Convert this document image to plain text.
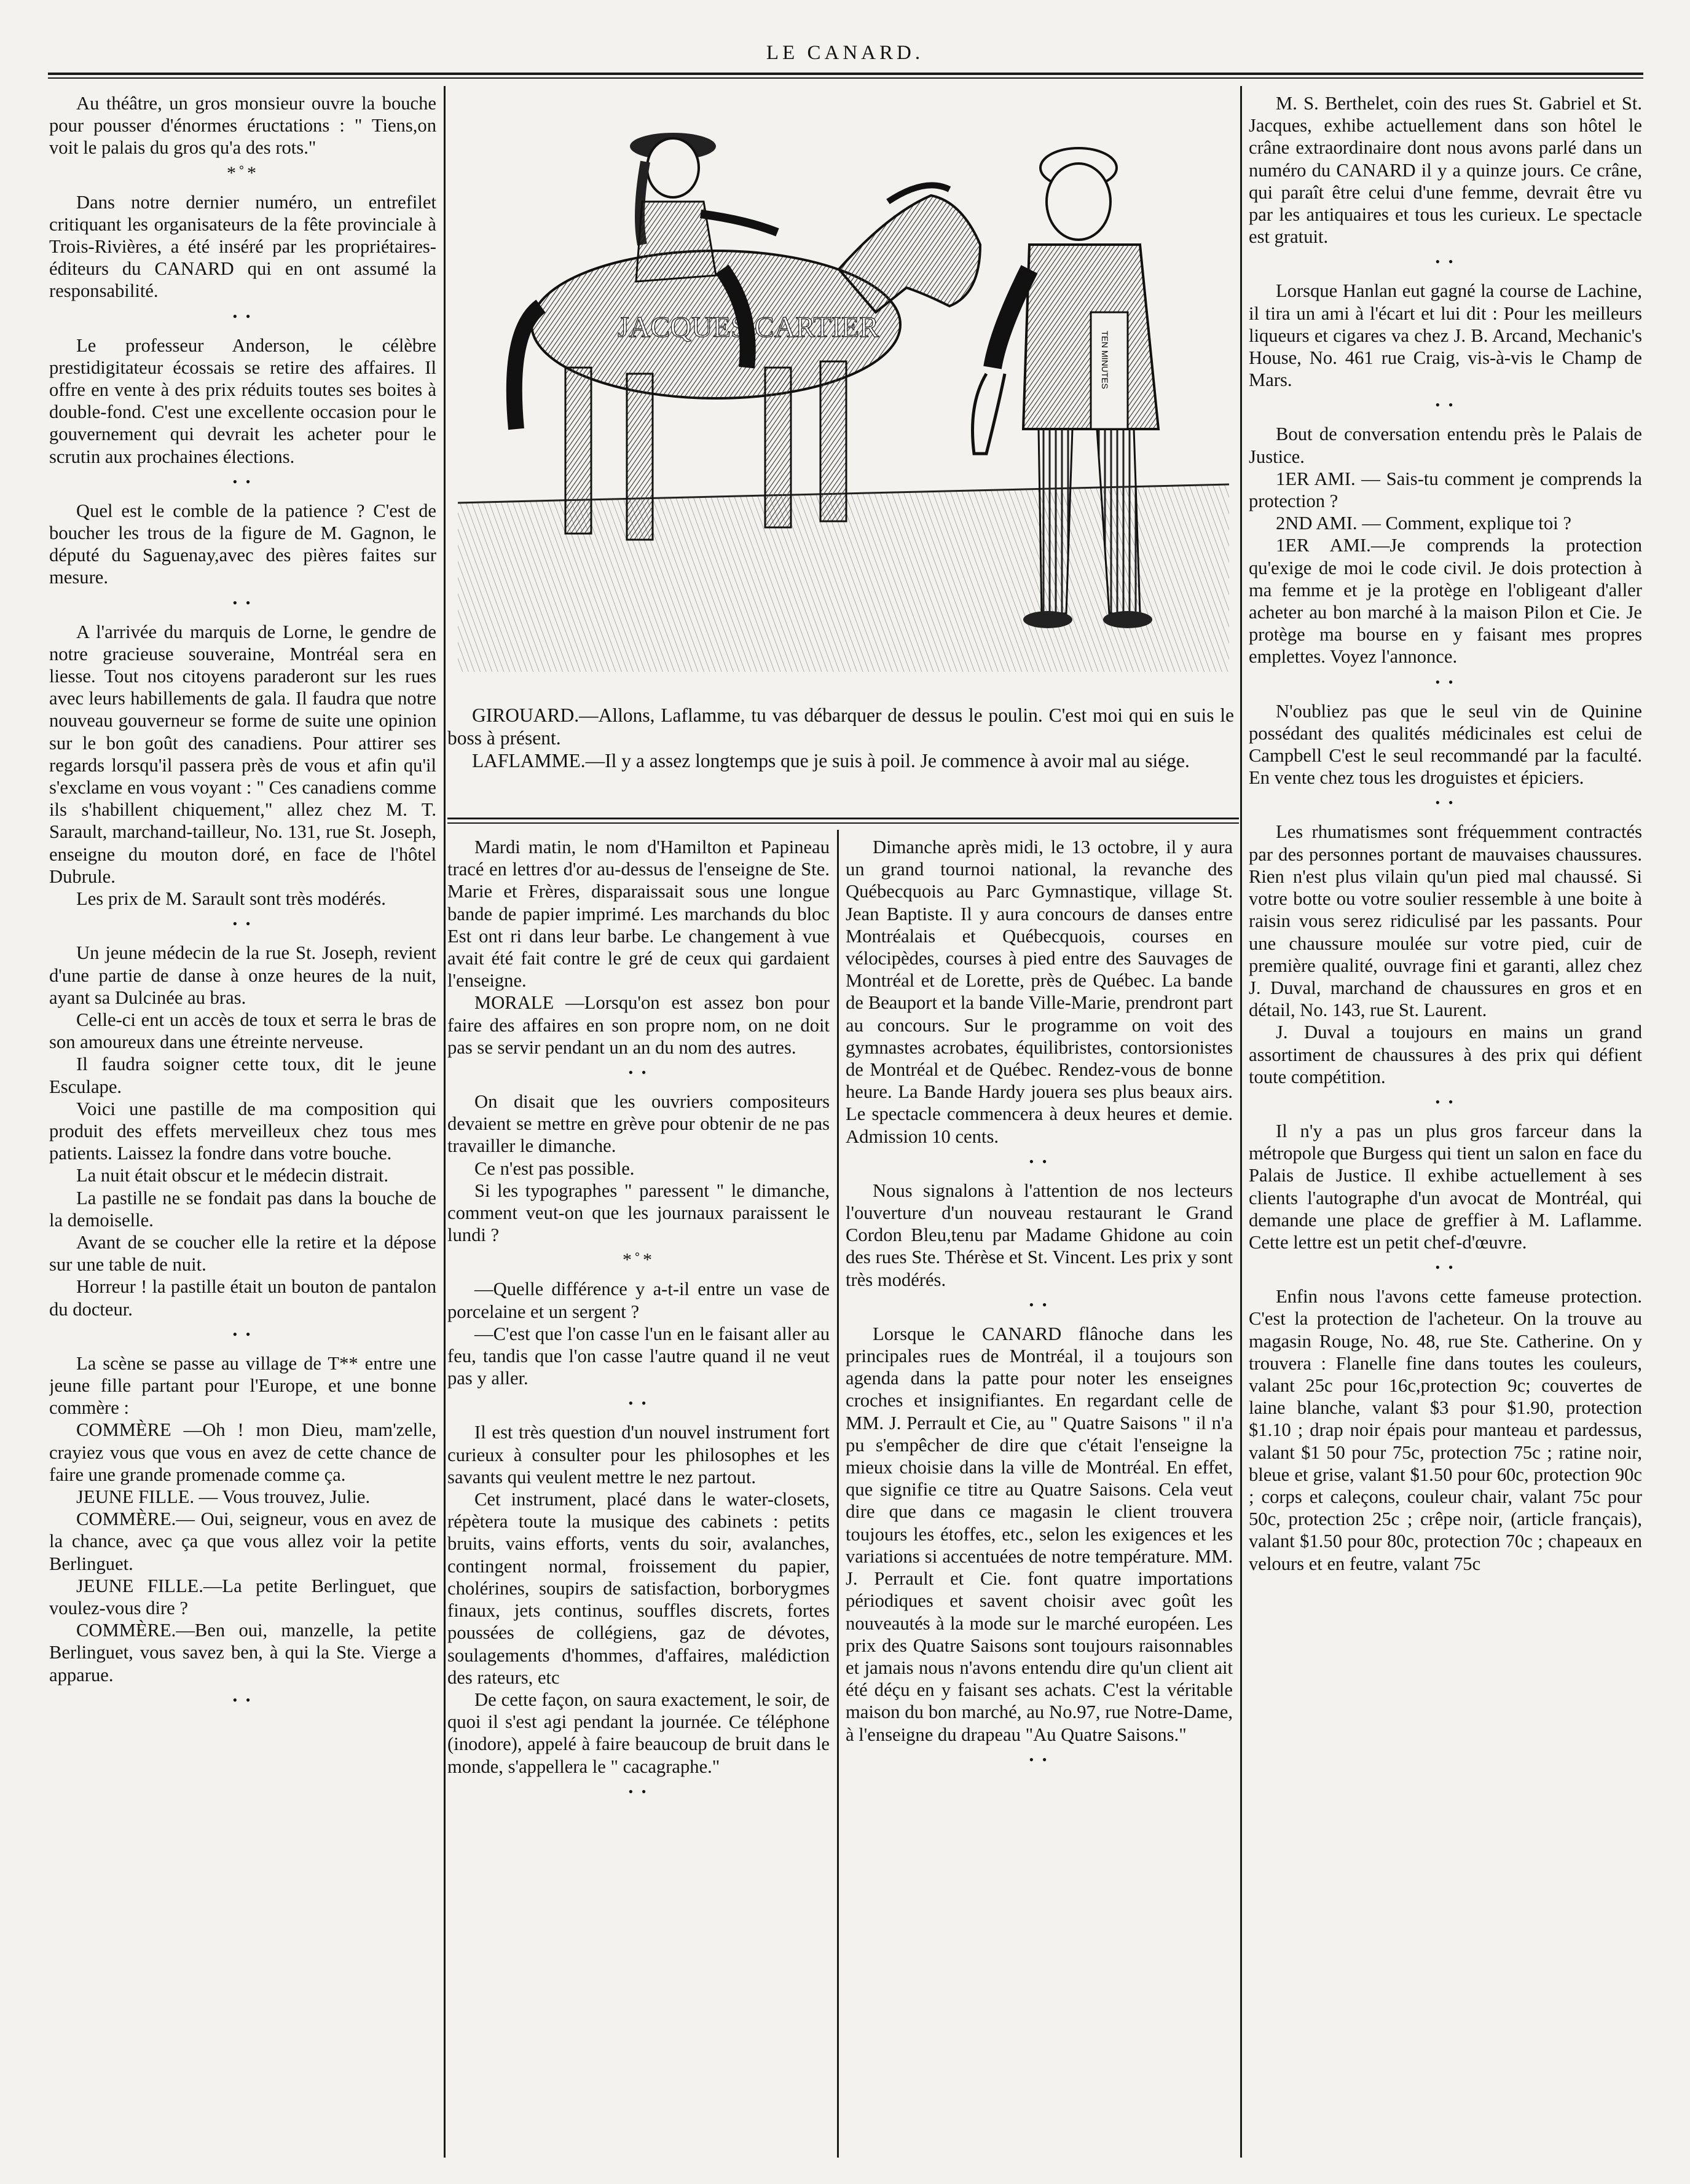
LE CANARD.
JACQUES CARTIER
TEN MINUTES

GIROUARD.—Allons, Laflamme, tu vas débarquer de dessus le poulin. C'est moi qui en suis le boss à présent.

LAFLAMME.—Il y a assez longtemps que je suis à poil. Je commence à avoir mal au siége.

Au théâtre, un gros monsieur ouvre la bouche pour pousser d'énormes éructations : " Tiens,on voit le palais du gros qu'a des rots."

*˚*

Dans notre dernier numéro, un entrefilet critiquant les organisateurs de la fête provinciale à Trois-Rivières, a été inséré par les propriétaires-éditeurs du CANARD qui en ont assumé la responsabilité.

• •

Le professeur Anderson, le célèbre prestidigitateur écossais se retire des affaires. Il offre en vente à des prix réduits toutes ses boites à double-fond. C'est une excellente occasion pour le gouvernement qui devrait les acheter pour le scrutin aux prochaines élections.

• •

Quel est le comble de la patience ? C'est de boucher les trous de la figure de M. Gagnon, le député du Saguenay,avec des pières faites sur mesure.

• •

A l'arrivée du marquis de Lorne, le gendre de notre gracieuse souveraine, Montréal sera en liesse. Tout nos citoyens paraderont sur les rues avec leurs habillements de gala. Il faudra que notre nouveau gouverneur se forme de suite une opinion sur le bon goût des canadiens. Pour attirer ses regards lorsqu'il passera près de vous et afin qu'il s'exclame en vous voyant : " Ces canadiens comme ils s'habillent chiquement," allez chez M. T. Sarault, marchand-tailleur, No. 131, rue St. Joseph, enseigne du mouton doré, en face de l'hôtel Dubrule.

Les prix de M. Sarault sont très modérés.

• •

Un jeune médecin de la rue St. Joseph, revient d'une partie de danse à onze heures de la nuit, ayant sa Dulcinée au bras.

Celle-ci ent un accès de toux et serra le bras de son amoureux dans une étreinte nerveuse.

Il faudra soigner cette toux, dit le jeune Esculape.

Voici une pastille de ma composition qui produit des effets merveilleux chez tous mes patients. Laissez la fondre dans votre bouche.

La nuit était obscur et le médecin distrait.

La pastille ne se fondait pas dans la bouche de la demoiselle.

Avant de se coucher elle la retire et la dépose sur une table de nuit.

Horreur ! la pastille était un bouton de pantalon du docteur.

• •

La scène se passe au village de T** entre une jeune fille partant pour l'Europe, et une bonne commère :

COMMÈRE —Oh ! mon Dieu, mam'zelle, crayiez vous que vous en avez de cette chance de faire une grande promenade comme ça.

JEUNE FILLE. — Vous trouvez, Julie.

COMMÈRE.— Oui, seigneur, vous en avez de la chance, avec ça que vous allez voir la petite Berlinguet.

JEUNE FILLE.—La petite Berlinguet, que voulez-vous dire ?

COMMÈRE.—Ben oui, manzelle, la petite Berlinguet, vous savez ben, à qui la Ste. Vierge a apparue.

• •

Mardi matin, le nom d'Hamilton et Papineau tracé en lettres d'or au-dessus de l'enseigne de Ste. Marie et Frères, disparaissait sous une longue bande de papier imprimé. Les marchands du bloc Est ont ri dans leur barbe. Le changement à vue avait été fait contre le gré de ceux qui gardaient l'enseigne.

MORALE —Lorsqu'on est assez bon pour faire des affaires en son propre nom, on ne doit pas se servir pendant un an du nom des autres.

• •

On disait que les ouvriers compositeurs devaient se mettre en grève pour obtenir de ne pas travailler le dimanche.

Ce n'est pas possible.

Si les typographes " paressent " le dimanche, comment veut-on que les journaux paraissent le lundi ?

*˚*

—Quelle différence y a-t-il entre un vase de porcelaine et un sergent ?

—C'est que l'on casse l'un en le faisant aller au feu, tandis que l'on casse l'autre quand il ne veut pas y aller.

• •

Il est très question d'un nouvel instrument fort curieux à consulter pour les philosophes et les savants qui veulent mettre le nez partout.

Cet instrument, placé dans le water-closets, répètera toute la musique des cabinets : petits bruits, vains efforts, vents du soir, avalanches, contingent normal, froissement du papier, cholérines, soupirs de satisfaction, borborygmes finaux, jets continus, souffles discrets, fortes poussées de collégiens, gaz de dévotes, soulagements d'hommes, d'affaires, malédiction des rateurs, etc

De cette façon, on saura exactement, le soir, de quoi il s'est agi pendant la journée. Ce téléphone (inodore), appelé à faire beaucoup de bruit dans le monde, s'appellera le " cacagraphe."

• •

Dimanche après midi, le 13 octobre, il y aura un grand tournoi national, la revanche des Québecquois au Parc Gymnastique, village St. Jean Baptiste. Il y aura concours de danses entre Montréalais et Québecquois, courses en vélocipèdes, courses à pied entre des Sauvages de Montréal et de Lorette, près de Québec. La bande de Beauport et la bande Ville-Marie, prendront part au concours. Sur le programme on voit des gymnastes acrobates, équilibristes, contorsionistes de Montréal et de Québec. Rendez-vous de bonne heure. La Bande Hardy jouera ses plus beaux airs. Le spectacle commencera à deux heures et demie. Admission 10 cents.

• •

Nous signalons à l'attention de nos lecteurs l'ouverture d'un nouveau restaurant le Grand Cordon Bleu,tenu par Madame Ghidone au coin des rues Ste. Thérèse et St. Vincent. Les prix y sont très modérés.

• •

Lorsque le CANARD flânoche dans les principales rues de Montréal, il a toujours son agenda dans la patte pour noter les enseignes croches et insignifiantes. En regardant celle de MM. J. Perrault et Cie, au " Quatre Saisons " il n'a pu s'empêcher de dire que c'était l'enseigne la mieux choisie dans la ville de Montréal. En effet, que signifie ce titre au Quatre Saisons. Cela veut dire que dans ce magasin le client trouvera toujours les étoffes, etc., selon les exigences et les variations si accentuées de notre température. MM. J. Perrault et Cie. font quatre importations périodiques et savent choisir avec goût les nouveautés à la mode sur le marché européen. Les prix des Quatre Saisons sont toujours raisonnables et jamais nous n'avons entendu dire qu'un client ait été déçu en y faisant ses achats. C'est la véritable maison du bon marché, au No.97, rue Notre-Dame, à l'enseigne du drapeau "Au Quatre Saisons."

• •

M. S. Berthelet, coin des rues St. Gabriel et St. Jacques, exhibe actuellement dans son hôtel le crâne extraordinaire dont nous avons parlé dans un numéro du CANARD il y a quinze jours. Ce crâne, qui paraît être celui d'une femme, devrait être vu par les antiquaires et tous les curieux. Le spectacle est gratuit.

• •

Lorsque Hanlan eut gagné la course de Lachine, il tira un ami à l'écart et lui dit : Pour les meilleurs liqueurs et cigares va chez J. B. Arcand, Mechanic's House, No. 461 rue Craig, vis-à-vis le Champ de Mars.

• •

Bout de conversation entendu près le Palais de Justice.

1ER AMI. — Sais-tu comment je comprends la protection ?

2ND AMI. — Comment, explique toi ?

1ER AMI.—Je comprends la protection qu'exige de moi le code civil. Je dois protection à ma femme et je la protège en l'obligeant d'aller acheter au bon marché à la maison Pilon et Cie. Je protège ma bourse en y faisant mes propres emplettes. Voyez l'annonce.

• •

N'oubliez pas que le seul vin de Quinine possédant des qualités médicinales est celui de Campbell C'est le seul recommandé par la faculté. En vente chez tous les droguistes et épiciers.

• •

Les rhumatismes sont fréquemment contractés par des personnes portant de mauvaises chaussures. Rien n'est plus vilain qu'un pied mal chaussé. Si votre botte ou votre soulier ressemble à une boite à raisin vous serez ridiculisé par les passants. Pour une chaussure moulée sur votre pied, cuir de première qualité, ouvrage fini et garanti, allez chez J. Duval, marchand de chaussures en gros et en détail, No. 143, rue St. Laurent.

J. Duval a toujours en mains un grand assortiment de chaussures à des prix qui défient toute compétition.

• •

Il n'y a pas un plus gros farceur dans la métropole que Burgess qui tient un salon en face du Palais de Justice. Il exhibe actuellement à ses clients l'autographe d'un avocat de Montréal, qui demande une place de greffier à M. Laflamme. Cette lettre est un petit chef-d'œuvre.

• •

Enfin nous l'avons cette fameuse protection. C'est la protection de l'acheteur. On la trouve au magasin Rouge, No. 48, rue Ste. Catherine. On y trouvera : Flanelle fine dans toutes les couleurs, valant 25c pour 16c,protection 9c; couvertes de laine blanche, valant $3 pour $1.90, protection $1.10 ; drap noir épais pour manteau et pardessus, valant $1 50 pour 75c, protection 75c ; ratine noir, bleue et grise, valant $1.50 pour 60c, protection 90c ; corps et caleçons, couleur chair, valant 75c pour 50c, protection 25c ; crêpe noir, (article français), valant $1.50 pour 80c, protection 70c ; chapeaux en velours et en feutre, valant 75c
